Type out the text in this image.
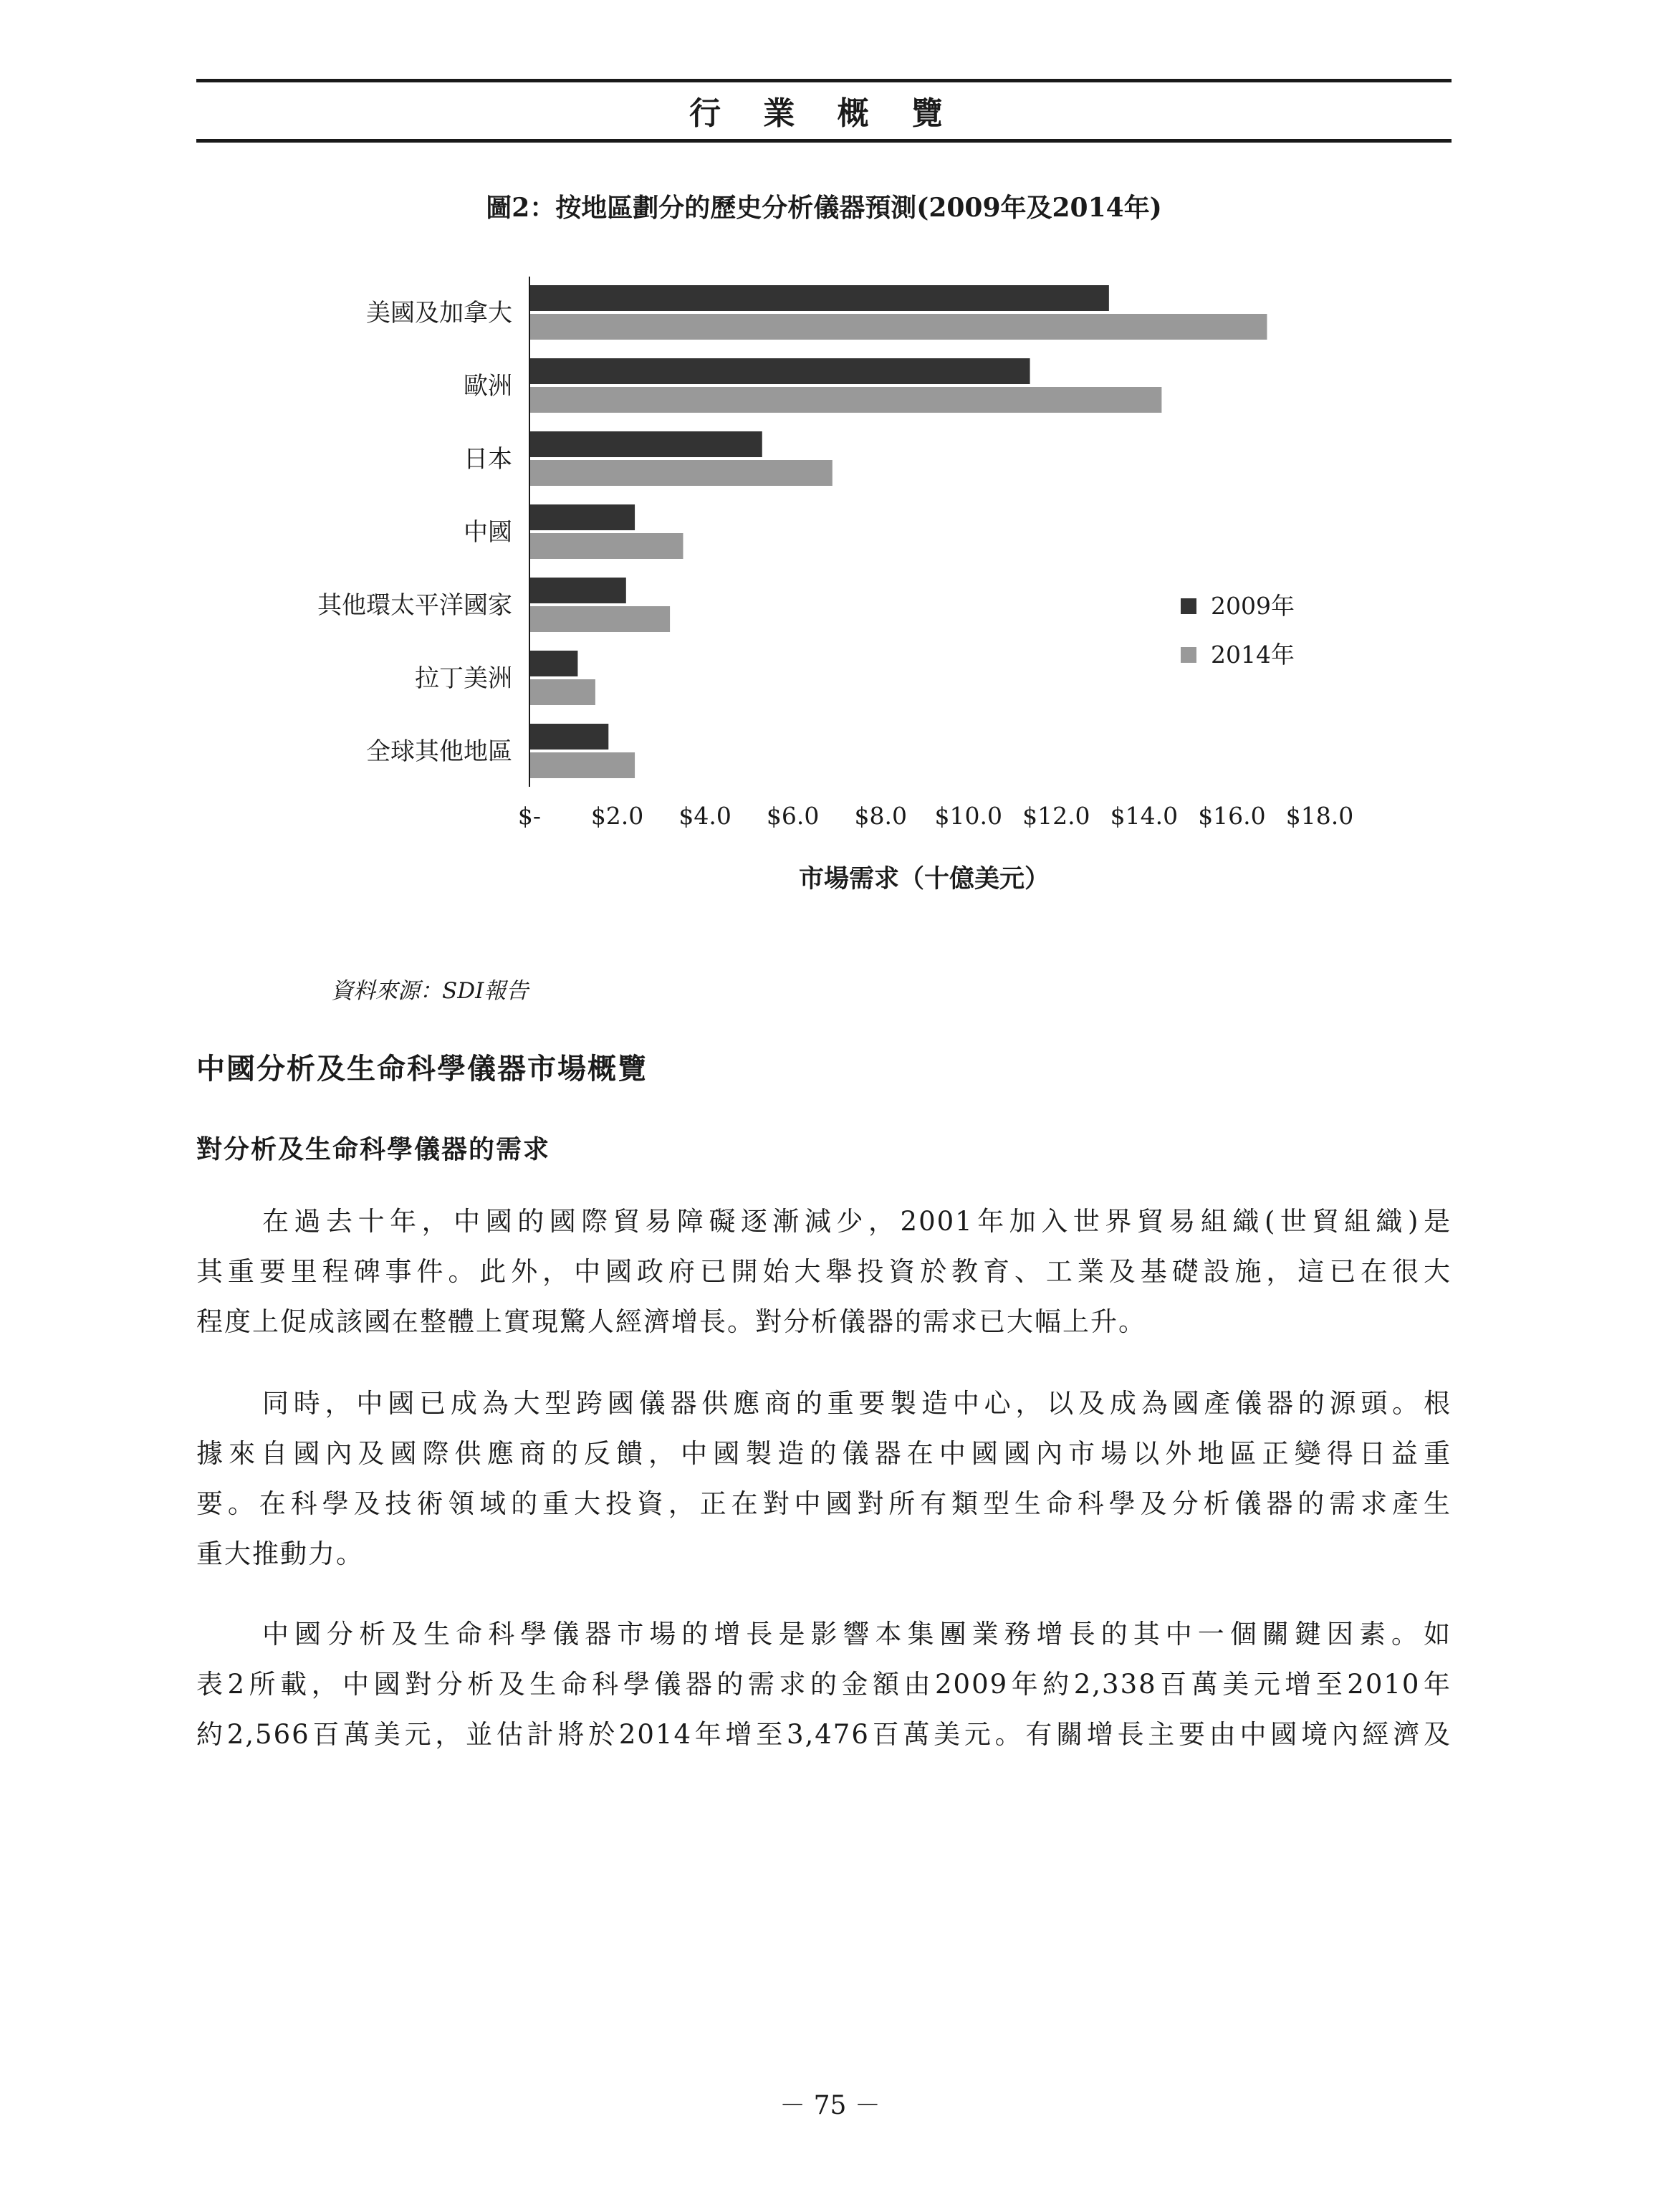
行 業 概 覽
圖2：按地區劃分的歷史分析儀器預測(2009年及2014年)
美國及加拿大
歐洲
日本
中國
其他環太平洋國家
拉丁美洲
全球其他地區
$- $2.0 $4.0 $6.0 $8.0 $10.0 $12.0 $14.0 $16.0 $18.0
市場需求（十億美元）
2009年
2014年
資料來源：SDI報告
中國分析及生命科學儀器市場概覽
對分析及生命科學儀器的需求
在過去十年，中國的國際貿易障礙逐漸減少，2001年加入世界貿易組織(世貿組織)是
其重要里程碑事件。此外，中國政府已開始大舉投資於教育、工業及基礎設施，這已在很大
程度上促成該國在整體上實現驚人經濟增長。對分析儀器的需求已大幅上升。
同時，中國已成為大型跨國儀器供應商的重要製造中心，以及成為國產儀器的源頭。根
據來自國內及國際供應商的反饋，中國製造的儀器在中國國內市場以外地區正變得日益重
要。在科學及技術領域的重大投資，正在對中國對所有類型生命科學及分析儀器的需求產生
重大推動力。
中國分析及生命科學儀器市場的增長是影響本集團業務增長的其中一個關鍵因素。如
表2所載，中國對分析及生命科學儀器的需求的金額由2009年約2,338百萬美元增至2010年
約2,566百萬美元，並估計將於2014年增至3,476百萬美元。有關增長主要由中國境內經濟及
－ 75 －
